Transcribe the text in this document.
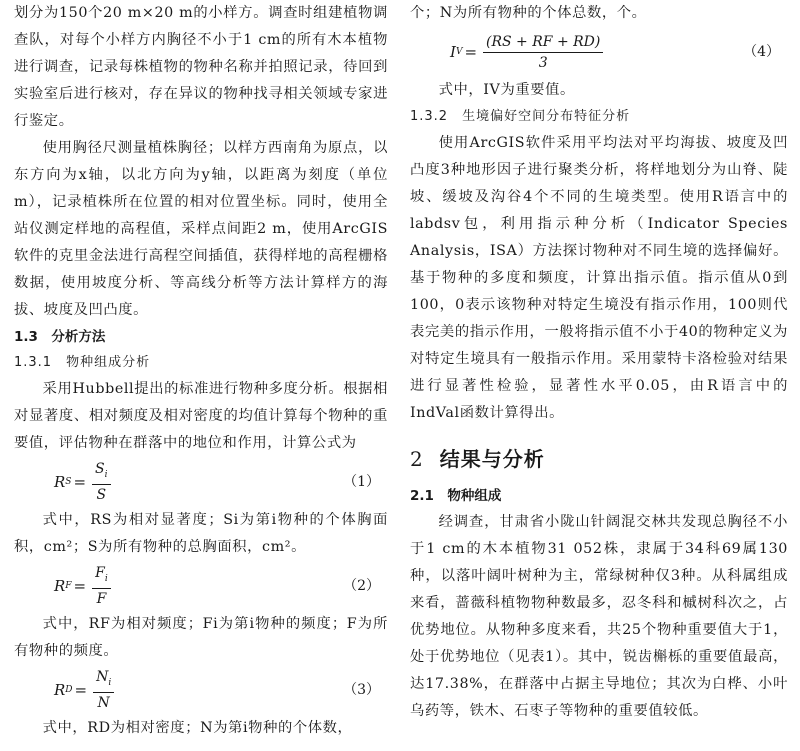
划分为150个20 m×20 m的小样方。调查时组建植物调查队，对每个小样方内胸径不小于1 cm的所有木本植物进行调查，记录每株植物的物种名称并拍照记录，待回到实验室后进行核对，存在异议的物种找寻相关领域专家进行鉴定。

使用胸径尺测量植株胸径；以样方西南角为原点，以东方向为x轴，以北方向为y轴，以距离为刻度（单位m），记录植株所在位置的相对位置坐标。同时，使用全站仪测定样地的高程值，采样点间距2 m，使用ArcGIS软件的克里金法进行高程空间插值，获得样地的高程栅格数据，使用坡度分析、等高线分析等方法计算样方的海拔、坡度及凹凸度。

1.3　分析方法
1.3.1　物种组成分析

采用Hubbell提出的标准进行物种多度分析。根据相对显著度、相对频度及相对密度的均值计算每个物种的重要值，评估物种在群落中的地位和作用，计算公式为

R $S = \frac{S_i}{S}$	（1）

式中，RS为相对显著度；Si为第i物种的个体胸面积，cm²；S为所有物种的总胸面积，cm²。

R $F = \frac{F_i}{F}$	（2）

式中，RF为相对频度；Fi为第i物种的频度；F为所有物种的频度。

R $D = \frac{N_i}{N}$	（3）

式中，RD为相对密度；N为第i物种的个体数，

个；N为所有物种的个体总数，个。

I $V = \frac{(RS + RF + RD)}{3}$	（4）

式中，IV为重要值。

1.3.2　生境偏好空间分布特征分析

使用ArcGIS软件采用平均法对平均海拔、坡度及凹凸度3种地形因子进行聚类分析，将样地划分为山脊、陡坡、缓坡及沟谷4个不同的生境类型。使用R语言中的labdsv包，利用指示种分析（Indicator Species Analysis，ISA）方法探讨物种对不同生境的选择偏好。基于物种的多度和频度，计算出指示值。指示值从0到100，0表示该物种对特定生境没有指示作用，100则代表完美的指示作用，一般将指示值不小于40的物种定义为对特定生境具有一般指示作用。采用蒙特卡洛检验对结果进行显著性检验，显著性水平0.05，由R语言中的IndVal函数计算得出。

2 结果与分析
2.1　物种组成

经调查，甘肃省小陇山针阔混交林共发现总胸径不小于1 cm的木本植物31 052株，隶属于34科69属130种，以落叶阔叶树种为主，常绿树种仅3种。从科属组成来看，蔷薇科植物物种数最多，忍冬科和槭树科次之，占优势地位。从物种多度来看，共25个物种重要值大于1，处于优势地位（见表1）。其中，锐齿槲栎的重要值最高，达17.38%，在群落中占据主导地位；其次为白桦、小叶乌药等，铁木、石枣子等物种的重要值较低。
